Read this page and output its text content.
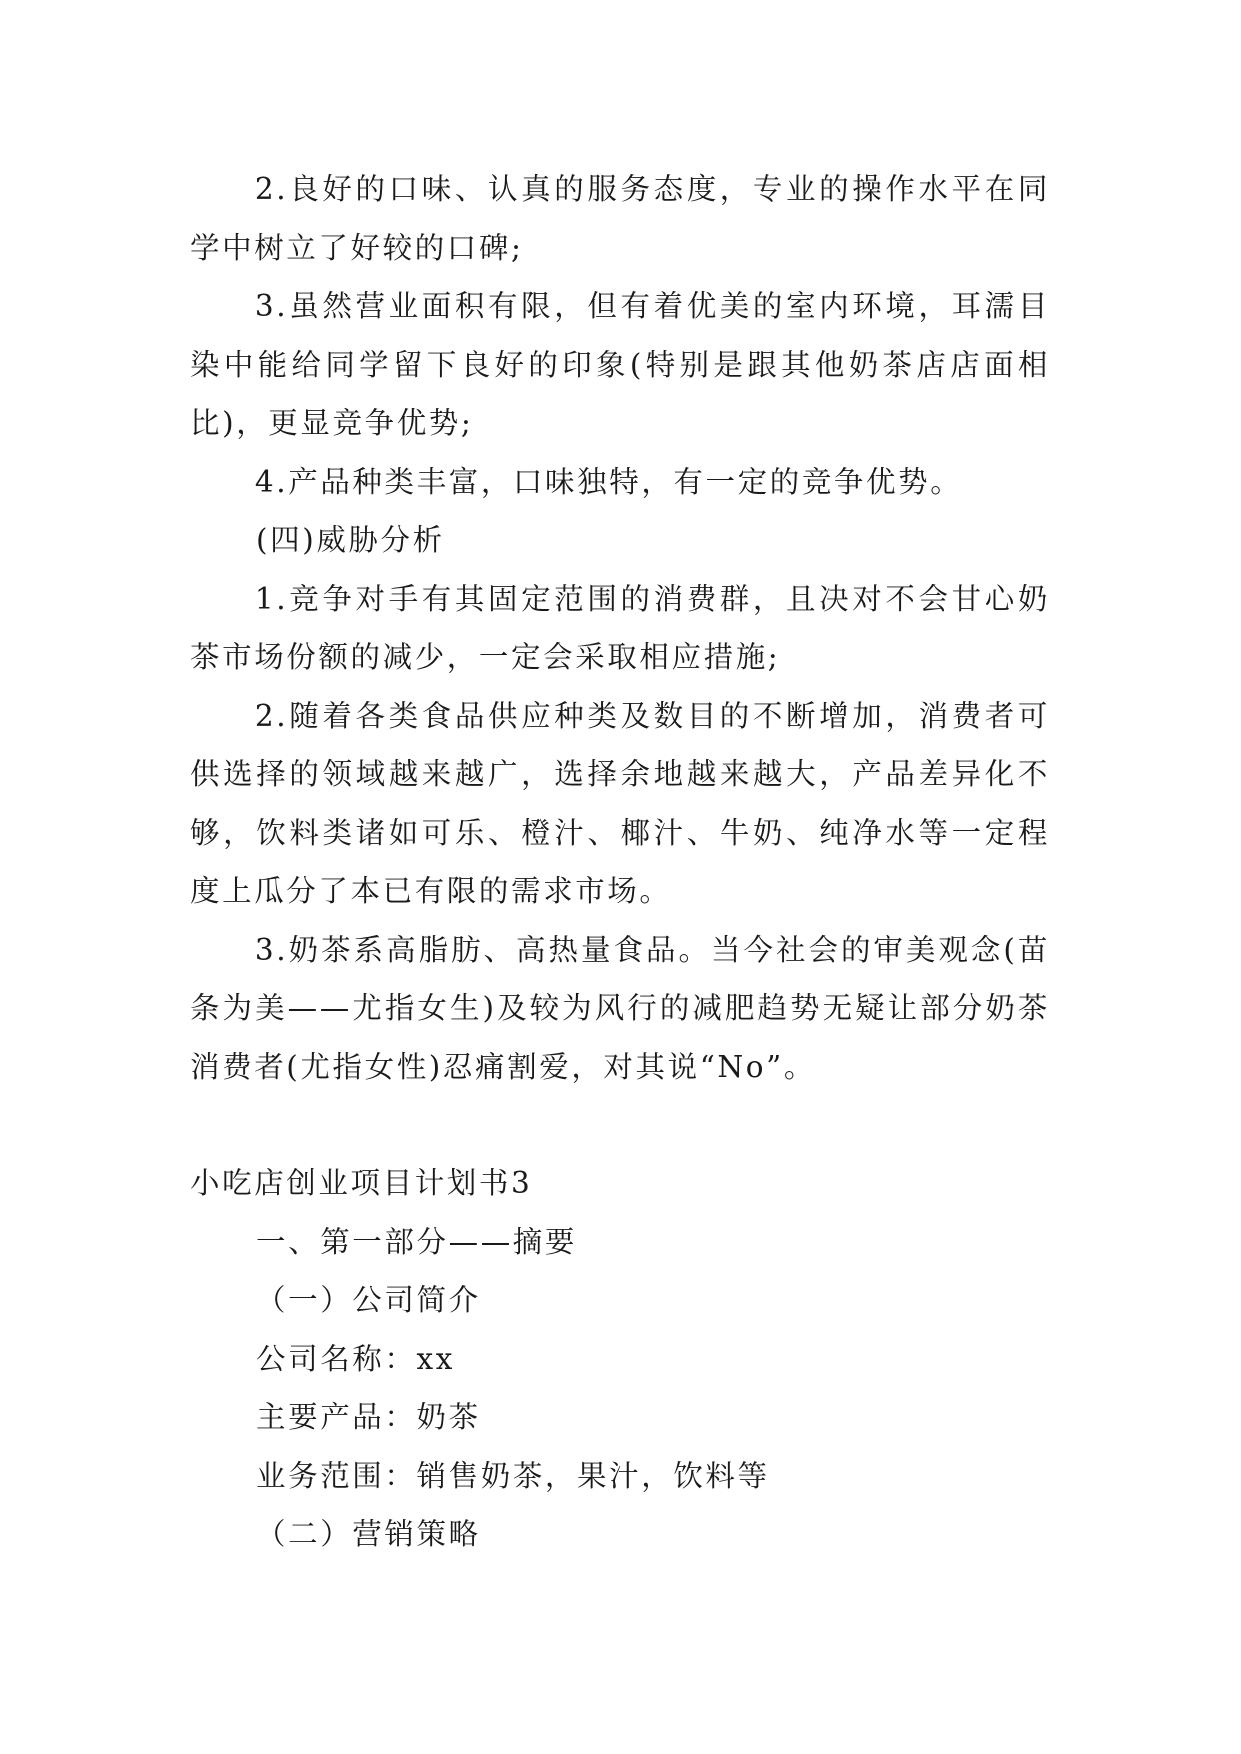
2.良好的口味、认真的服务态度，专业的操作水平在同学中树立了好较的口碑;

3.虽然营业面积有限，但有着优美的室内环境，耳濡目染中能给同学留下良好的印象(特别是跟其他奶茶店店面相比)，更显竞争优势;

4.产品种类丰富，口味独特，有一定的竞争优势。

(四)威胁分析

1.竞争对手有其固定范围的消费群，且决对不会甘心奶茶市场份额的减少，一定会采取相应措施;

2.随着各类食品供应种类及数目的不断增加，消费者可供选择的领域越来越广，选择余地越来越大，产品差异化不够，饮料类诸如可乐、橙汁、椰汁、牛奶、纯净水等一定程度上瓜分了本已有限的需求市场。

3.奶茶系高脂肪、高热量食品。当今社会的审美观念(苗条为美——尤指女生)及较为风行的减肥趋势无疑让部分奶茶消费者(尤指女性)忍痛割爱，对其说“No”。

小吃店创业项目计划书3

一、第一部分——摘要

（一）公司简介

公司名称：xx

主要产品：奶茶

业务范围：销售奶茶，果汁，饮料等

（二）营销策略
